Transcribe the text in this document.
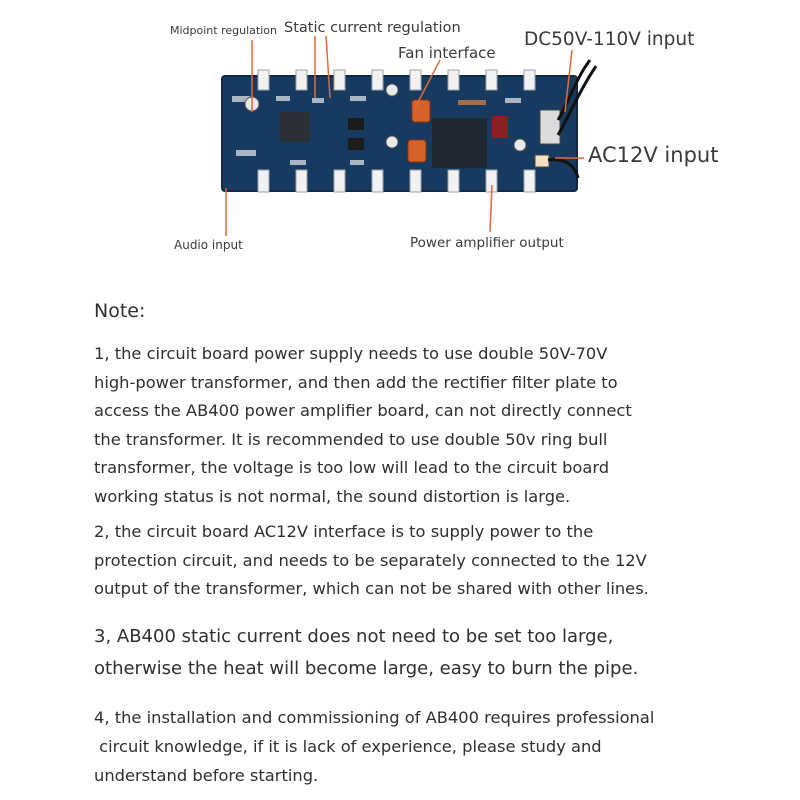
Midpoint regulation Static current regulation
Fan interface
DC50V-110V input
AC12V input
Audio input	Power amplifier output
Note:
1, the circuit board power supply needs to use double 50V-70V
high-power transformer, and then add the rectifier filter plate to
access the AB400 power amplifier board, can not directly connect
the transformer. It is recommended to use double 50v ring bull
transformer, the voltage is too low will lead to the circuit board
working status is not normal, the sound distortion is large.
2, the circuit board AC12V interface is to supply power to the
protection circuit, and needs to be separately connected to the 12V
output of the transformer, which can not be shared with other lines.
3, AB400 static current does not need to be set too large,
otherwise the heat will become large, easy to burn the pipe.
4, the installation and commissioning of AB400 requires professional
circuit knowledge, if it is lack of experience, please study and
understand before starting.
